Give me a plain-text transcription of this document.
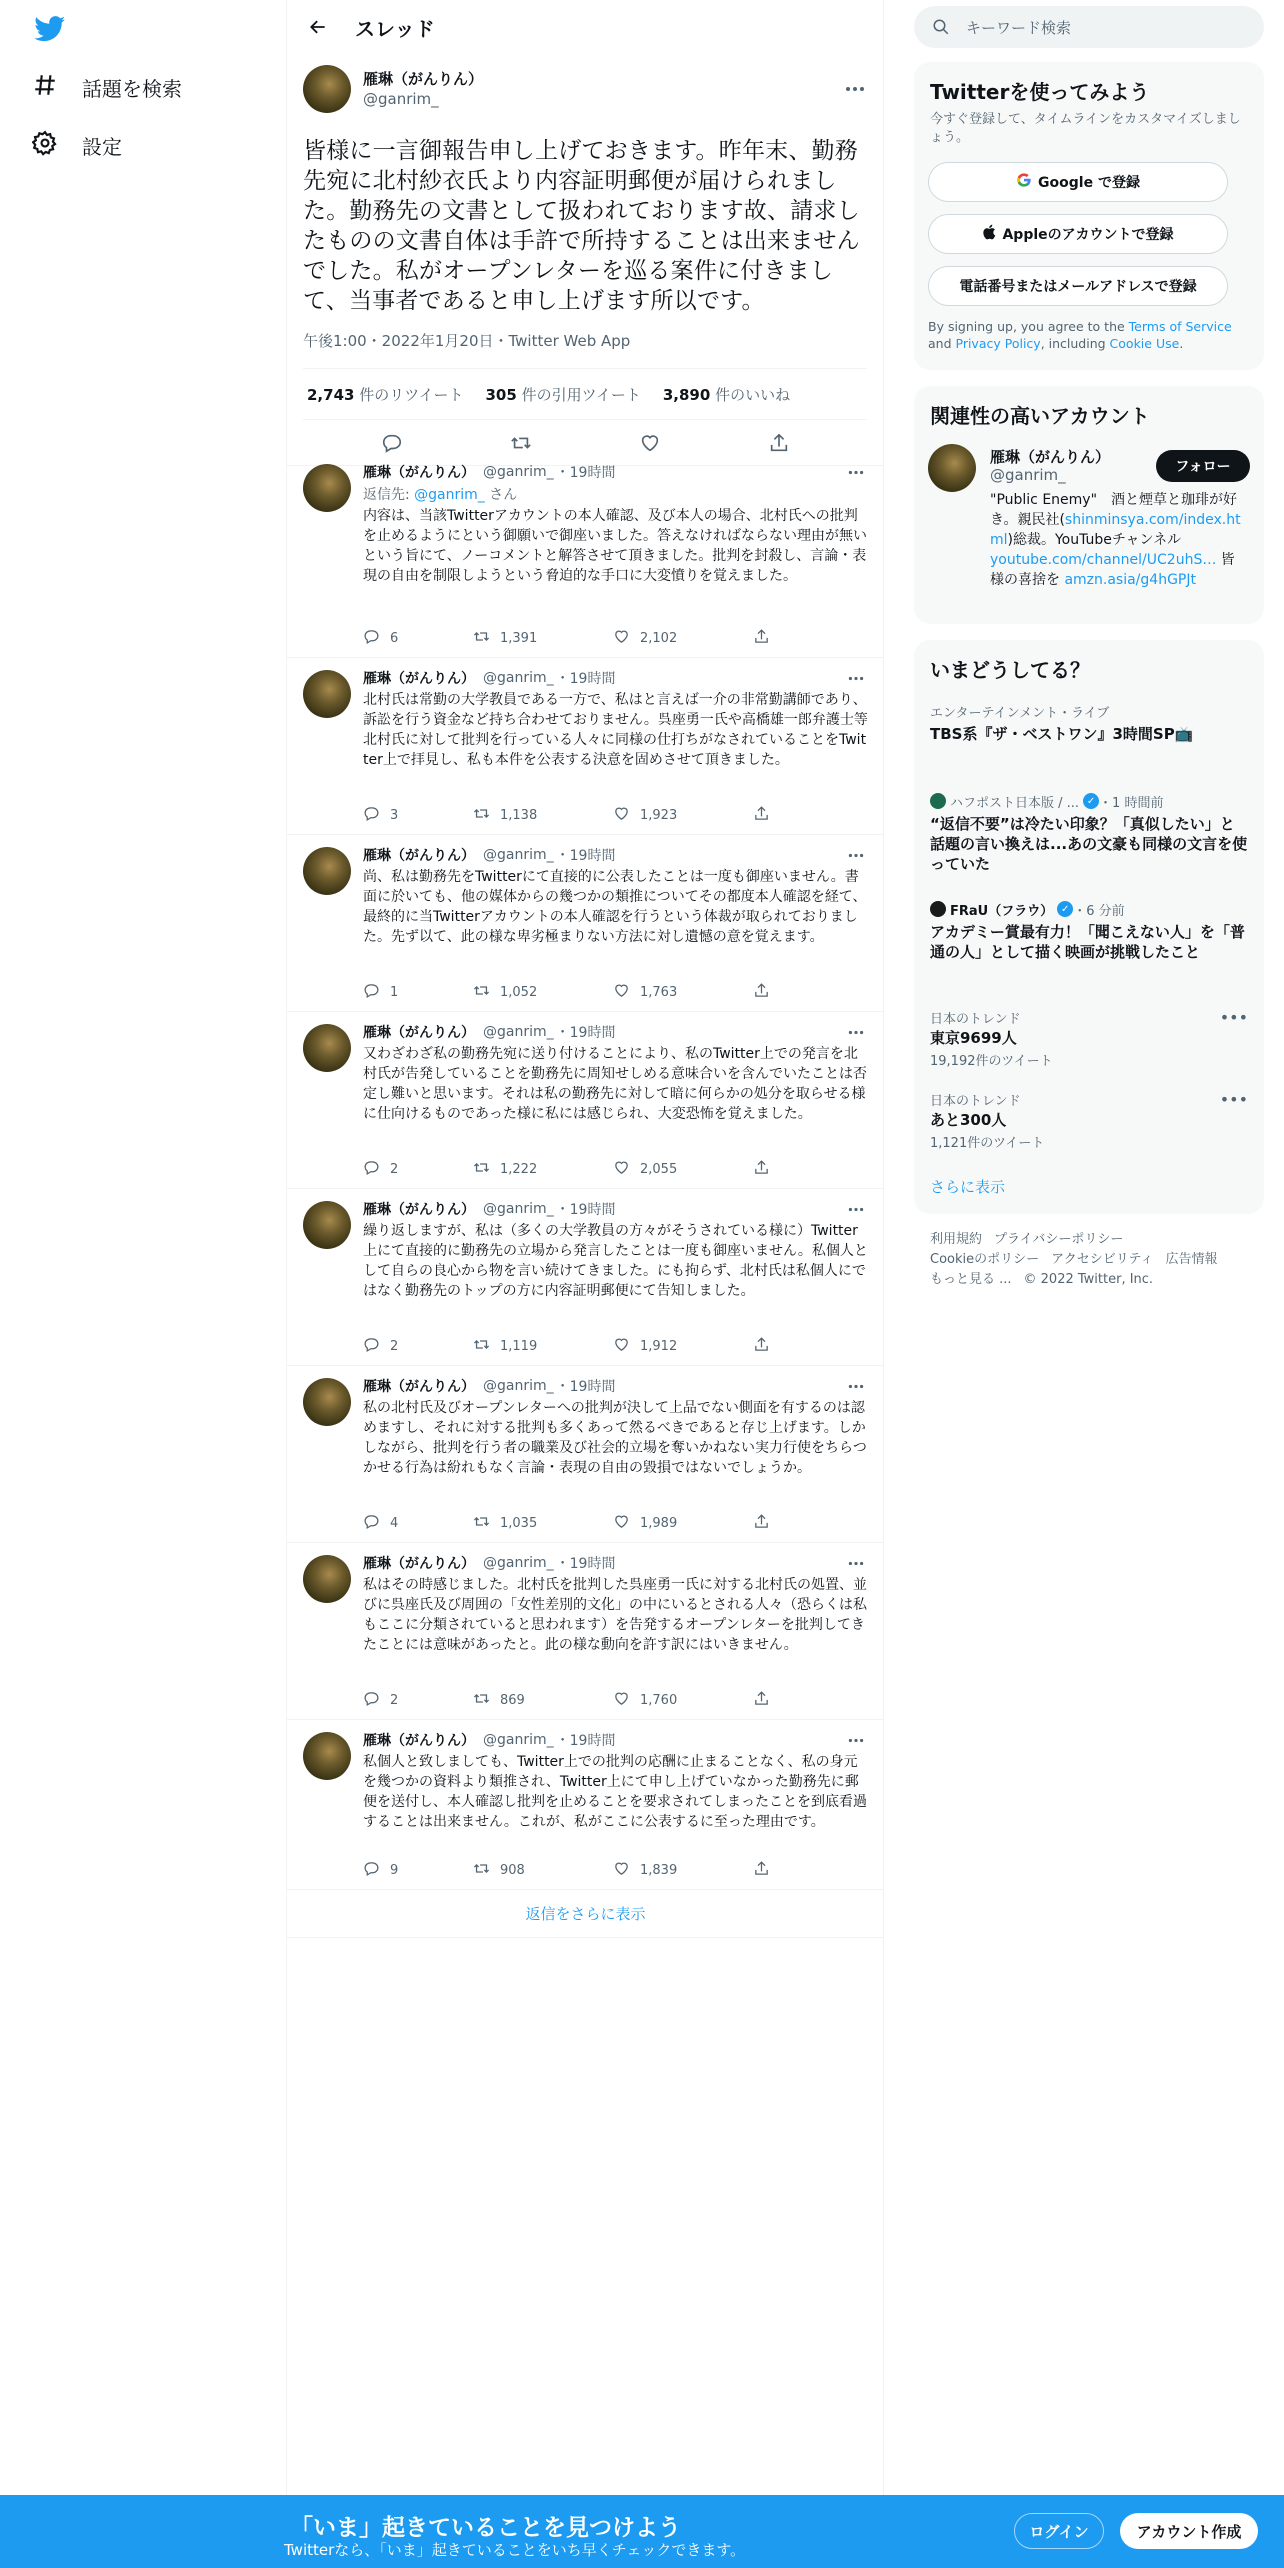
話題を検索
設定
スレッド
雁琳（がんりん）
@ganrim_
皆様に一言御報告申し上げておきます。昨年末、勤務先宛に北村紗衣氏より内容証明郵便が届けられました。勤務先の文書として扱われております故、請求したものの文書自体は手許で所持することは出来ませんでした。私がオープンレターを巡る案件に付きまして、当事者であると申し上げます所以です。
午後1:00・2022年1月20日・Twitter Web App
2,743 件のリツイート 305 件の引用ツイート 3,890 件のいいね
雁琳（がんりん） @ganrim_ ・19時間
返信先: @ganrim_ さん
内容は、当該Twitterアカウントの本人確認、及び本人の場合、北村氏への批判を止めるようにという御願いで御座いました。答えなければならない理由が無いという旨にて、ノーコメントと解答させて頂きました。批判を封殺し、言論・表現の自由を制限しようという脅迫的な手口に大変憤りを覚えました。
6	1,391	2,102
雁琳（がんりん） @ganrim_ ・19時間
北村氏は常勤の大学教員である一方で、私はと言えば一介の非常勤講師であり、訴訟を行う資金など持ち合わせておりません。呉座勇一氏や高橋雄一郎弁護士等北村氏に対して批判を行っている人々に同様の仕打ちがなされていることをTwitter上で拝見し、私も本件を公表する決意を固めさせて頂きました。
3	1,138	1,923
雁琳（がんりん） @ganrim_ ・19時間
尚、私は勤務先をTwitterにて直接的に公表したことは一度も御座いません。書面に於いても、他の媒体からの幾つかの類推についてその都度本人確認を経て、最終的に当Twitterアカウントの本人確認を行うという体裁が取られておりました。先ず以て、此の様な卑劣極まりない方法に対し遺憾の意を覚えます。
1	1,052	1,763
雁琳（がんりん） @ganrim_ ・19時間
又わざわざ私の勤務先宛に送り付けることにより、私のTwitter上での発言を北村氏が告発していることを勤務先に周知せしめる意味合いを含んでいたことは否定し難いと思います。それは私の勤務先に対して暗に何らかの処分を取らせる様に仕向けるものであった様に私には感じられ、大変恐怖を覚えました。
2	1,222	2,055
雁琳（がんりん） @ganrim_ ・19時間
繰り返しますが、私は（多くの大学教員の方々がそうされている様に）Twitter上にて直接的に勤務先の立場から発言したことは一度も御座いません。私個人として自らの良心から物を言い続けてきました。にも拘らず、北村氏は私個人にではなく勤務先のトップの方に内容証明郵便にて告知しました。
2	1,119	1,912
雁琳（がんりん） @ganrim_ ・19時間
私の北村氏及びオープンレターへの批判が決して上品でない側面を有するのは認めますし、それに対する批判も多くあって然るべきであると存じ上げます。しかしながら、批判を行う者の職業及び社会的立場を奪いかねない実力行使をちらつかせる行為は紛れもなく言論・表現の自由の毀損ではないでしょうか。
4	1,035	1,989
雁琳（がんりん） @ganrim_ ・19時間
私はその時感じました。北村氏を批判した呉座勇一氏に対する北村氏の処置、並びに呉座氏及び周囲の「女性差別的文化」の中にいるとされる人々（恐らくは私もここに分類されていると思われます）を告発するオープンレターを批判してきたことには意味があったと。此の様な動向を許す訳にはいきません。
2	869	1,760
雁琳（がんりん） @ganrim_ ・19時間
私個人と致しましても、Twitter上での批判の応酬に止まることなく、私の身元を幾つかの資料より類推され、Twitter上にて申し上げていなかった勤務先に郵便を送付し、本人確認し批判を止めることを要求されてしまったことを到底看過することは出来ません。これが、私がここに公表するに至った理由です。
9	908	1,839
返信をさらに表示
キーワード検索
Twitterを使ってみよう
今すぐ登録して、タイムラインをカスタマイズしましょう。
Google で登録
Appleのアカウントで登録
電話番号またはメールアドレスで登録
By signing up, you agree to the Terms of Service and Privacy Policy, including Cookie Use.
関連性の高いアカウント
雁琳（がんりん）
@ganrim_	フォロー
"Public Enemy"　酒と煙草と珈琲が好き。親民社(shinminsya.com/index.html)総裁。YouTubeチャンネル
youtube.com/channel/UC2uhS… 皆様の喜捨を amzn.asia/g4hGPJt
いまどうしてる？
エンターテインメント・ライブ
TBS系『ザ・ベストワン』3時間SP📺
ハフポスト日本版 / ... ✓ ・1 時間前
“返信不要”は冷たい印象？「真似したい」と話題の言い換えは...あの文豪も同様の文言を使っていた
FRaU（フラウ） ✓ ・6 分前
アカデミー賞最有力！「聞こえない人」を「普通の人」として描く映画が挑戦したこと
日本のトレンド
東京9699人
19,192件のツイート
•••
日本のトレンド
あと300人
1,121件のツイート
•••
さらに表示
利用規約 プライバシーポリシー
Cookieのポリシー アクセシビリティ 広告情報
もっと見る ... © 2022 Twitter, Inc.
「いま」起きていることを見つけよう
Twitterなら、「いま」起きていることをいち早くチェックできます。
ログイン	アカウント作成
